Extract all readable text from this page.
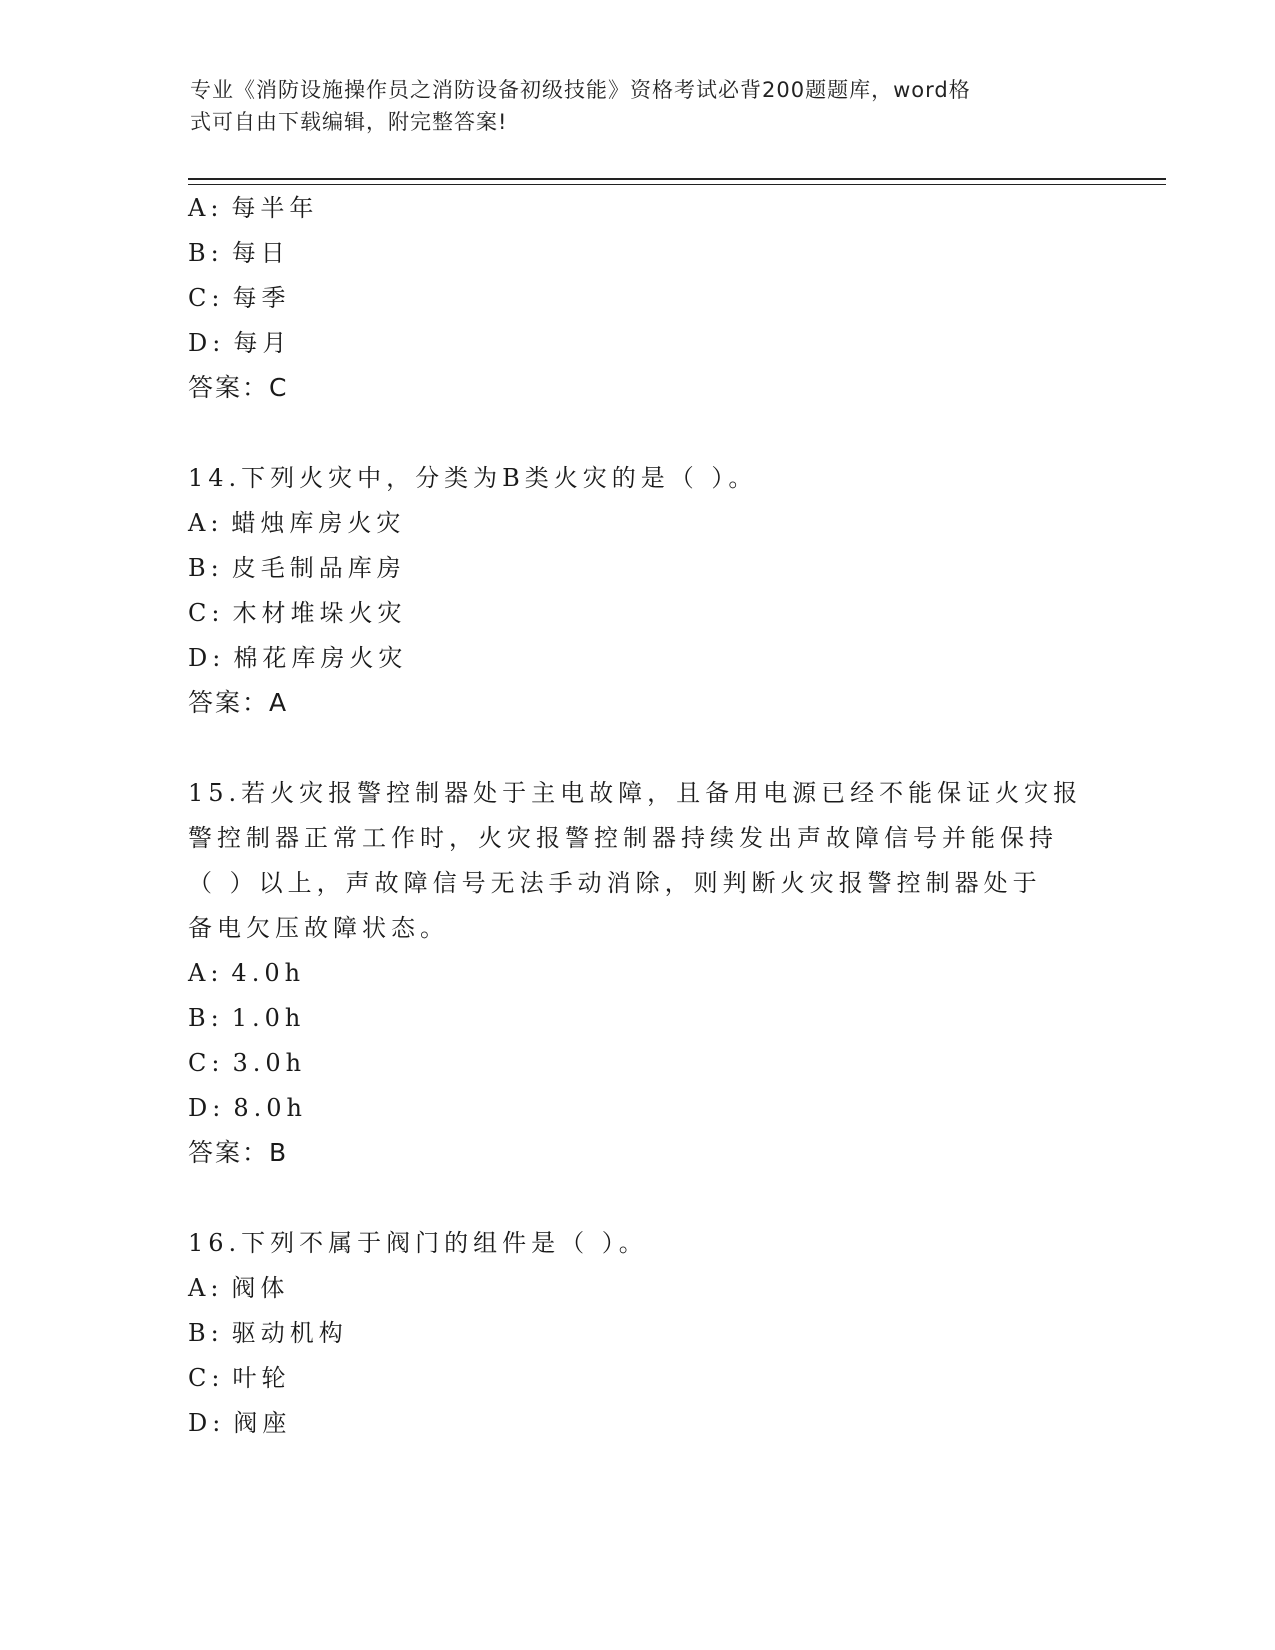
专业《消防设施操作员之消防设备初级技能》资格考试必背200题题库，word格
式可自由下载编辑，附完整答案!
A: 每半年
B: 每日
C: 每季
D: 每月
答案：C
14.下列火灾中，分类为B类火灾的是（ ）。
A: 蜡烛库房火灾
B: 皮毛制品库房
C: 木材堆垛火灾
D: 棉花库房火灾
答案：A
15.若火灾报警控制器处于主电故障，且备用电源已经不能保证火灾报
警控制器正常工作时，火灾报警控制器持续发出声故障信号并能保持
（ ）以上，声故障信号无法手动消除，则判断火灾报警控制器处于
备电欠压故障状态。
A: 4.0h
B: 1.0h
C: 3.0h
D: 8.0h
答案：B
16.下列不属于阀门的组件是（ ）。
A: 阀体
B: 驱动机构
C: 叶轮
D: 阀座
